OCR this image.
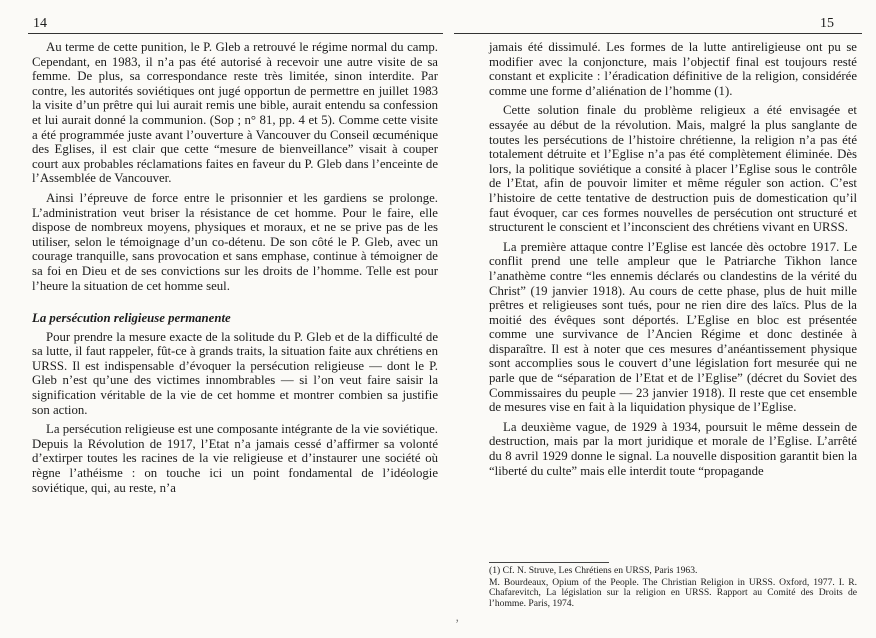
14

Au terme de cette punition, le P. Gleb a retrouvé le régime normal du camp. Cependant, en 1983, il n’a pas été autorisé à recevoir une autre visite de sa femme. De plus, sa correspondance reste très limitée, sinon interdite. Par contre, les autorités soviétiques ont jugé opportun de permettre en juillet 1983 la visite d’un prêtre qui lui aurait remis une bible, aurait entendu sa confession et lui aurait donné la communion. (Sop ; n° 81, pp. 4 et 5). Comme cette visite a été programmée juste avant l’ouverture à Vancouver du Conseil œcuménique des Eglises, il est clair que cette “mesure de bienveillance” visait à couper court aux probables réclamations faites en faveur du P. Gleb dans l’enceinte de l’Assemblée de Vancouver.

Ainsi l’épreuve de force entre le prisonnier et les gardiens se prolonge. L’administration veut briser la résistance de cet homme. Pour le faire, elle dispose de nombreux moyens, physiques et moraux, et ne se prive pas de les utiliser, selon le témoignage d’un co-détenu. De son côté le P. Gleb, avec un courage tranquille, sans provocation et sans emphase, continue à témoigner de sa foi en Dieu et de ses convictions sur les droits de l’homme. Telle est pour l’heure la situation de cet homme seul.

La persécution religieuse permanente

Pour prendre la mesure exacte de la solitude du P. Gleb et de la difficulté de sa lutte, il faut rappeler, fût-ce à grands traits, la situation faite aux chrétiens en URSS. Il est indispensable d’évoquer la persécution religieuse — dont le P. Gleb n’est qu’une des victimes innombrables — si l’on veut faire saisir la signification véritable de la vie de cet homme et montrer combien sa justifie son action.

La persécution religieuse est une composante intégrante de la vie soviétique. Depuis la Révolution de 1917, l’Etat n’a jamais cessé d’affirmer sa volonté d’extirper toutes les racines de la vie religieuse et d’instaurer une société où règne l’athéisme : on touche ici un point fondamental de l’idéologie soviétique, qui, au reste, n’a

15

jamais été dissimulé. Les formes de la lutte antireligieuse ont pu se modifier avec la conjoncture, mais l’objectif final est toujours resté constant et explicite : l’éradication définitive de la religion, considérée comme une forme d’aliénation de l’homme (1).

Cette solution finale du problème religieux a été envisagée et essayée au début de la révolution. Mais, malgré la plus sanglante de toutes les persécutions de l’histoire chrétienne, la religion n’a pas été totalement détruite et l’Eglise n’a pas été complètement éliminée. Dès lors, la politique soviétique a consité à placer l’Eglise sous le contrôle de l’Etat, afin de pouvoir limiter et même réguler son action. C’est l’histoire de cette tentative de destruction puis de domestication qu’il faut évoquer, car ces formes nouvelles de persécution ont structuré et structurent le conscient et l’inconscient des chrétiens vivant en URSS.

La première attaque contre l’Eglise est lancée dès octobre 1917. Le conflit prend une telle ampleur que le Patriarche Tikhon lance l’anathème contre “les ennemis déclarés ou clandestins de la vérité du Christ” (19 janvier 1918). Au cours de cette phase, plus de huit mille prêtres et religieuses sont tués, pour ne rien dire des laïcs. Plus de la moitié des évêques sont déportés. L’Eglise en bloc est présentée comme une survivance de l’Ancien Régime et donc destinée à disparaître. Il est à noter que ces mesures d’anéantissement physique sont accomplies sous le couvert d’une législation fort mesurée qui ne parle que de “séparation de l’Etat et de l’Eglise” (décret du Soviet des Commissaires du peuple — 23 janvier 1918). Il reste que cet ensemble de mesures vise en fait à la liquidation physique de l’Eglise.

La deuxième vague, de 1929 à 1934, poursuit le même dessein de destruction, mais par la mort juridique et morale de l’Eglise. L’arrêté du 8 avril 1929 donne le signal. La nouvelle disposition garantit bien la “liberté du culte” mais elle interdit toute “propagande

(1) Cf. N. Struve, Les Chrétiens en URSS, Paris 1963.
M. Bourdeaux, Opium of the People. The Christian Religion in URSS. Oxford, 1977. I. R. Chafarevitch, La législation sur la religion en URSS. Rapport au Comité des Droits de l’homme. Paris, 1974.
ʼ
